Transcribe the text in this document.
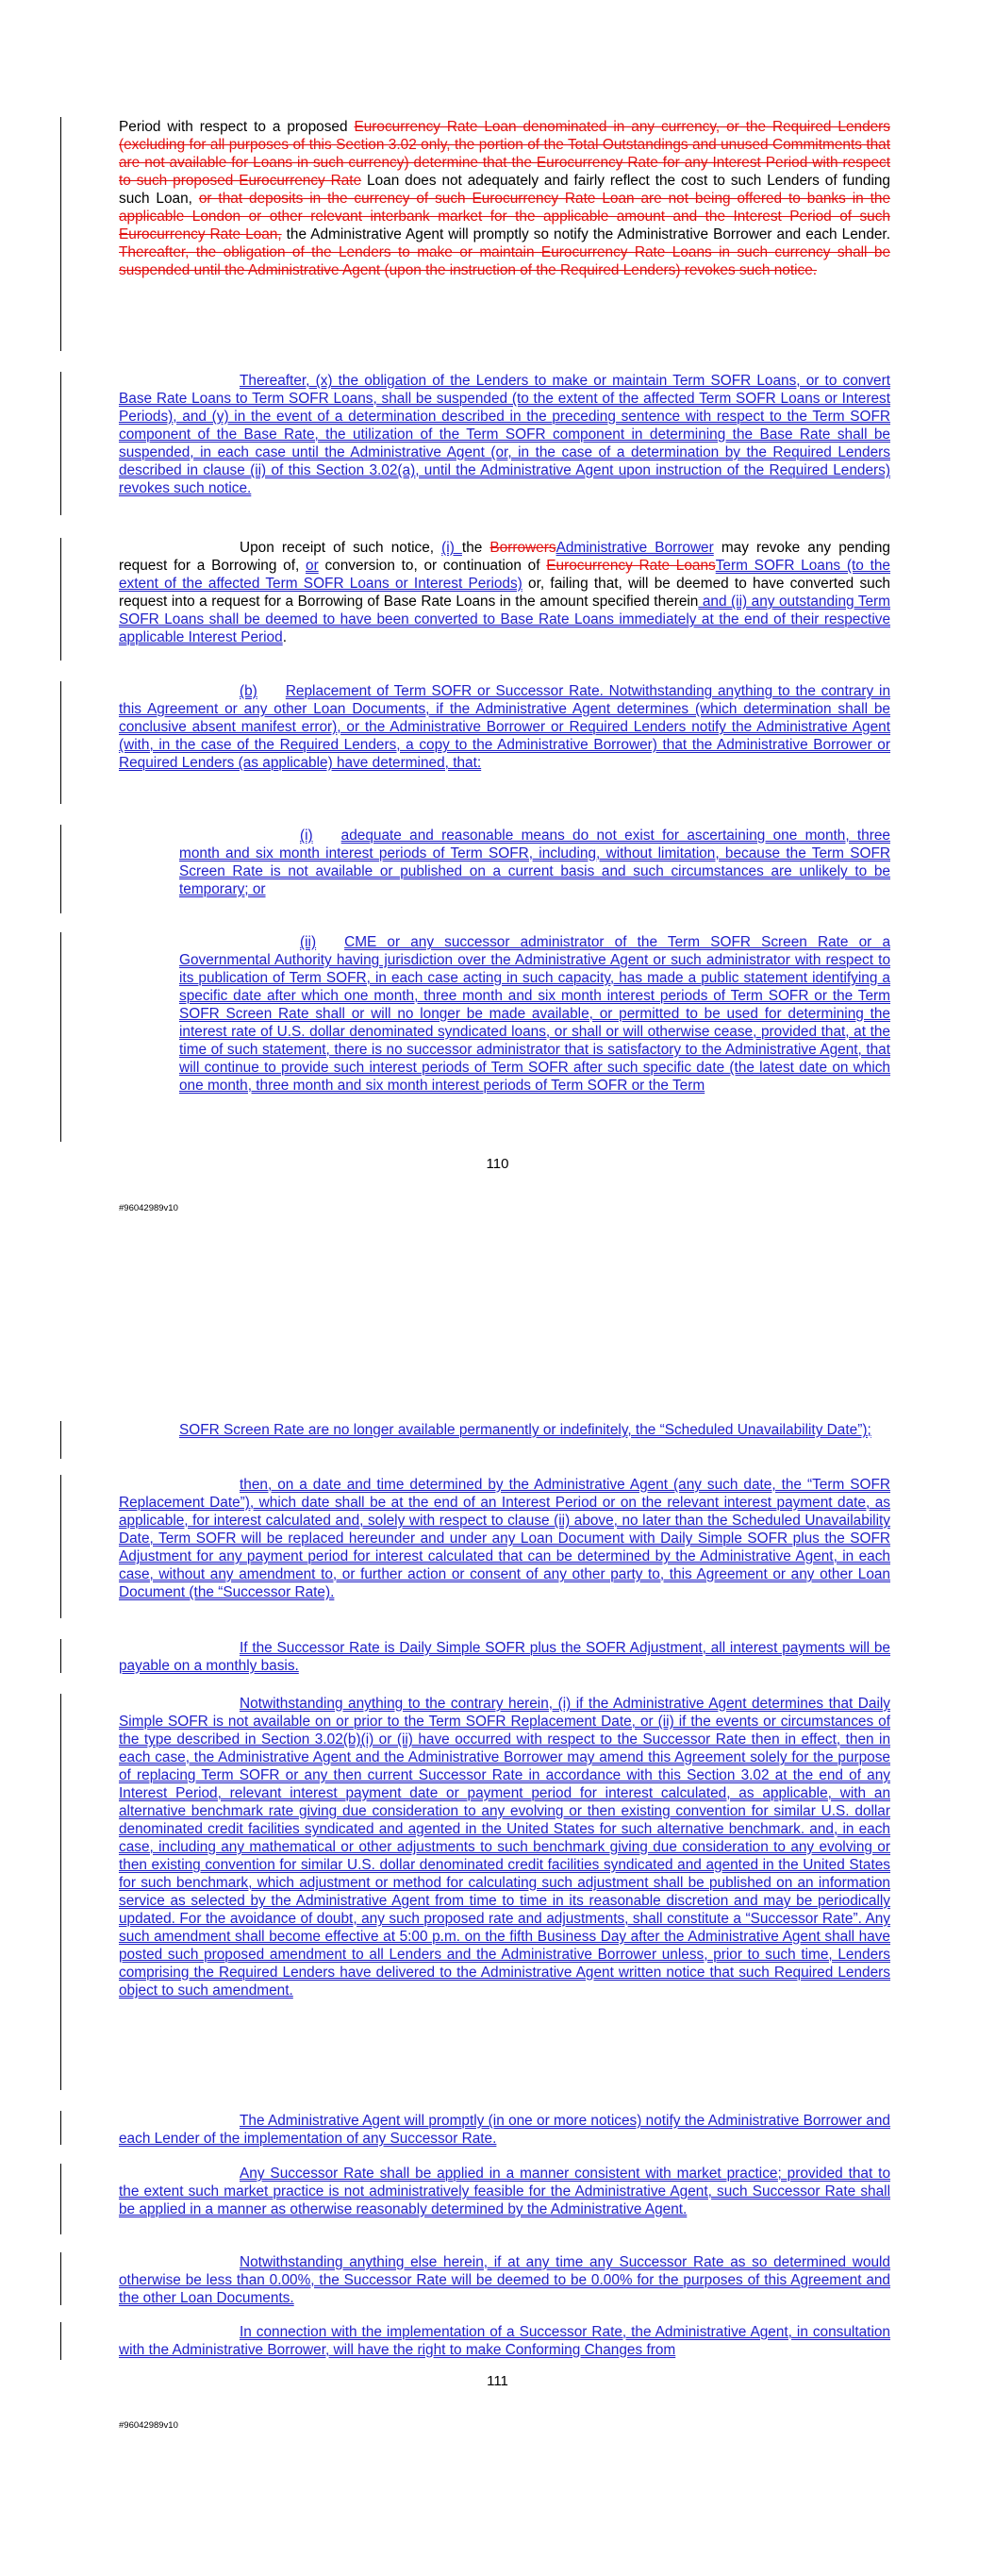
Period with respect to a proposed Eurocurrency Rate Loan denominated in any currency, or the Required Lenders (excluding for all purposes of this Section 3.02 only, the portion of the Total Outstandings and unused Commitments that are not available for Loans in such currency) determine that the Eurocurrency Rate for any Interest Period with respect to such proposed Eurocurrency Rate Loan does not adequately and fairly reflect the cost to such Lenders of funding such Loan, or that deposits in the currency of such Eurocurrency Rate Loan are not being offered to banks in the applicable London or other relevant interbank market for the applicable amount and the Interest Period of such Eurocurrency Rate Loan, the Administrative Agent will promptly so notify the Administrative Borrower and each Lender. Thereafter, the obligation of the Lenders to make or maintain Eurocurrency Rate Loans in such currency shall be suspended until the Administrative Agent (upon the instruction of the Required Lenders) revokes such notice.

Thereafter, (x) the obligation of the Lenders to make or maintain Term SOFR Loans, or to convert Base Rate Loans to Term SOFR Loans, shall be suspended (to the extent of the affected Term SOFR Loans or Interest Periods), and (y) in the event of a determination described in the preceding sentence with respect to the Term SOFR component of the Base Rate, the utilization of the Term SOFR component in determining the Base Rate shall be suspended, in each case until the Administrative Agent (or, in the case of a determination by the Required Lenders described in clause (ii) of this Section 3.02(a), until the Administrative Agent upon instruction of the Required Lenders) revokes such notice.

Upon receipt of such notice, (i) the BorrowersAdministrative Borrower may revoke any pending request for a Borrowing of, or conversion to, or continuation of Eurocurrency Rate LoansTerm SOFR Loans (to the extent of the affected Term SOFR Loans or Interest Periods) or, failing that, will be deemed to have converted such request into a request for a Borrowing of Base Rate Loans in the amount specified therein and (ii) any outstanding Term SOFR Loans shall be deemed to have been converted to Base Rate Loans immediately at the end of their respective applicable Interest Period.

(b) Replacement of Term SOFR or Successor Rate. Notwithstanding anything to the contrary in this Agreement or any other Loan Documents, if the Administrative Agent determines (which determination shall be conclusive absent manifest error), or the Administrative Borrower or Required Lenders notify the Administrative Agent (with, in the case of the Required Lenders, a copy to the Administrative Borrower) that the Administrative Borrower or Required Lenders (as applicable) have determined, that:

(i) adequate and reasonable means do not exist for ascertaining one month, three month and six month interest periods of Term SOFR, including, without limitation, because the Term SOFR Screen Rate is not available or published on a current basis and such circumstances are unlikely to be temporary; or

(ii) CME or any successor administrator of the Term SOFR Screen Rate or a Governmental Authority having jurisdiction over the Administrative Agent or such administrator with respect to its publication of Term SOFR, in each case acting in such capacity, has made a public statement identifying a specific date after which one month, three month and six month interest periods of Term SOFR or the Term SOFR Screen Rate shall or will no longer be made available, or permitted to be used for determining the interest rate of U.S. dollar denominated syndicated loans, or shall or will otherwise cease, provided that, at the time of such statement, there is no successor administrator that is satisfactory to the Administrative Agent, that will continue to provide such interest periods of Term SOFR after such specific date (the latest date on which one month, three month and six month interest periods of Term SOFR or the Term

110
#96042989v10

SOFR Screen Rate are no longer available permanently or indefinitely, the “Scheduled Unavailability Date”);

then, on a date and time determined by the Administrative Agent (any such date, the “Term SOFR Replacement Date”), which date shall be at the end of an Interest Period or on the relevant interest payment date, as applicable, for interest calculated and, solely with respect to clause (ii) above, no later than the Scheduled Unavailability Date, Term SOFR will be replaced hereunder and under any Loan Document with Daily Simple SOFR plus the SOFR Adjustment for any payment period for interest calculated that can be determined by the Administrative Agent, in each case, without any amendment to, or further action or consent of any other party to, this Agreement or any other Loan Document (the “Successor Rate).

If the Successor Rate is Daily Simple SOFR plus the SOFR Adjustment, all interest payments will be payable on a monthly basis.

Notwithstanding anything to the contrary herein, (i) if the Administrative Agent determines that Daily Simple SOFR is not available on or prior to the Term SOFR Replacement Date, or (ii) if the events or circumstances of the type described in Section 3.02(b)(i) or (ii) have occurred with respect to the Successor Rate then in effect, then in each case, the Administrative Agent and the Administrative Borrower may amend this Agreement solely for the purpose of replacing Term SOFR or any then current Successor Rate in accordance with this Section 3.02 at the end of any Interest Period, relevant interest payment date or payment period for interest calculated, as applicable, with an alternative benchmark rate giving due consideration to any evolving or then existing convention for similar U.S. dollar denominated credit facilities syndicated and agented in the United States for such alternative benchmark. and, in each case, including any mathematical or other adjustments to such benchmark giving due consideration to any evolving or then existing convention for similar U.S. dollar denominated credit facilities syndicated and agented in the United States for such benchmark, which adjustment or method for calculating such adjustment shall be published on an information service as selected by the Administrative Agent from time to time in its reasonable discretion and may be periodically updated. For the avoidance of doubt, any such proposed rate and adjustments, shall constitute a “Successor Rate”. Any such amendment shall become effective at 5:00 p.m. on the fifth Business Day after the Administrative Agent shall have posted such proposed amendment to all Lenders and the Administrative Borrower unless, prior to such time, Lenders comprising the Required Lenders have delivered to the Administrative Agent written notice that such Required Lenders object to such amendment.

The Administrative Agent will promptly (in one or more notices) notify the Administrative Borrower and each Lender of the implementation of any Successor Rate.

Any Successor Rate shall be applied in a manner consistent with market practice; provided that to the extent such market practice is not administratively feasible for the Administrative Agent, such Successor Rate shall be applied in a manner as otherwise reasonably determined by the Administrative Agent.

Notwithstanding anything else herein, if at any time any Successor Rate as so determined would otherwise be less than 0.00%, the Successor Rate will be deemed to be 0.00% for the purposes of this Agreement and the other Loan Documents.

In connection with the implementation of a Successor Rate, the Administrative Agent, in consultation with the Administrative Borrower, will have the right to make Conforming Changes from

111
#96042989v10
